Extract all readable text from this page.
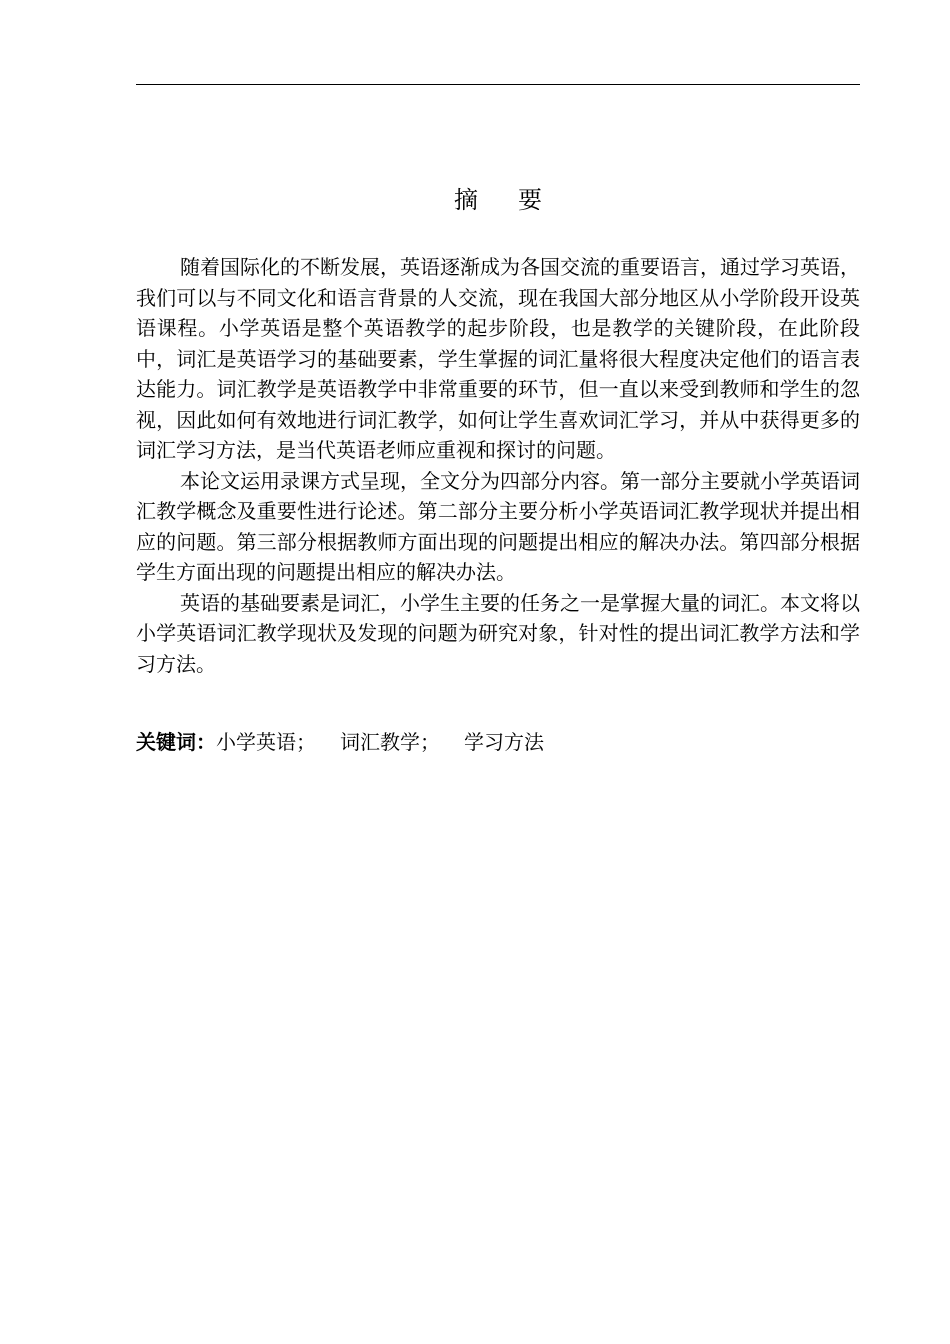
摘要

随着国际化的不断发展，英语逐渐成为各国交流的重要语言，通过学习英语，我们可以与不同文化和语言背景的人交流，现在我国大部分地区从小学阶段开设英语课程。小学英语是整个英语教学的起步阶段，也是教学的关键阶段，在此阶段中，词汇是英语学习的基础要素，学生掌握的词汇量将很大程度决定他们的语言表达能力。词汇教学是英语教学中非常重要的环节，但一直以来受到教师和学生的忽视，因此如何有效地进行词汇教学，如何让学生喜欢词汇学习，并从中获得更多的词汇学习方法，是当代英语老师应重视和探讨的问题。

本论文运用录课方式呈现，全文分为四部分内容。第一部分主要就小学英语词汇教学概念及重要性进行论述。第二部分主要分析小学英语词汇教学现状并提出相应的问题。第三部分根据教师方面出现的问题提出相应的解决办法。第四部分根据学生方面出现的问题提出相应的解决办法。

英语的基础要素是词汇，小学生主要的任务之一是掌握大量的词汇。本文将以小学英语词汇教学现状及发现的问题为研究对象，针对性的提出词汇教学方法和学习方法。

关键词：小学英语； 词汇教学； 学习方法
